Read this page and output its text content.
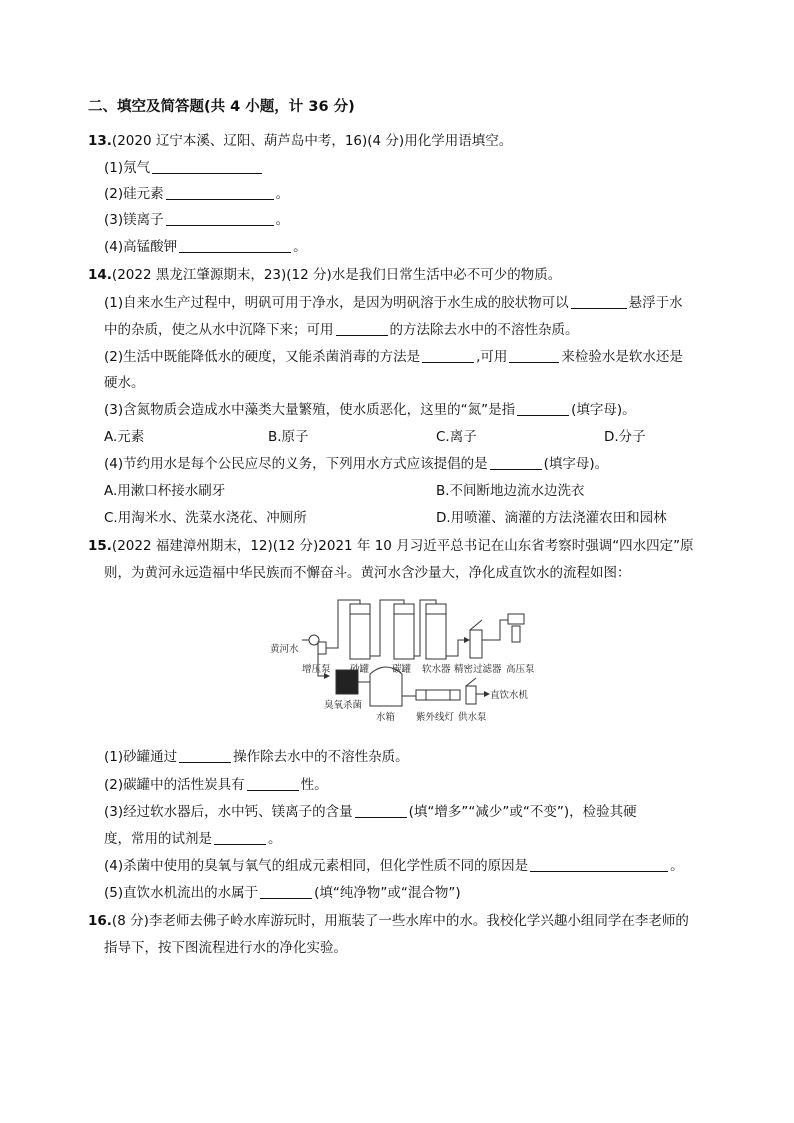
二、填空及简答题(共 4 小题，计 36 分)
13.(2020 辽宁本溪、辽阳、葫芦岛中考，16)(4 分)用化学用语填空。
(1)氖气
(2)硅元素	。
(3)镁离子	。
(4)高锰酸钾	。
14.(2022 黑龙江肇源期末，23)(12 分)水是我们日常生活中必不可少的物质。
(1)自来水生产过程中，明矾可用于净水，是因为明矾溶于水生成的胶状物可以	悬浮于水
中的杂质，使之从水中沉降下来；可用	的方法除去水中的不溶性杂质。
(2)生活中既能降低水的硬度，又能杀菌消毒的方法是	,可用	来检验水是软水还是
硬水。
(3)含氮物质会造成水中藻类大量繁殖，使水质恶化，这里的“氮”是指	(填字母)。
A.元素	B.原子	C.离子	D.分子
(4)节约用水是每个公民应尽的义务，下列用水方式应该提倡的是	(填字母)。
A.用漱口杯接水刷牙	B.不间断地边流水边洗衣
C.用淘米水、洗菜水浇花、冲厕所	D.用喷灌、滴灌的方法浇灌农田和园林
15.(2022 福建漳州期末，12)(12 分)2021 年 10 月习近平总书记在山东省考察时强调“四水四定”原
则，为黄河永远造福中华民族而不懈奋斗。黄河水含沙量大，净化成直饮水的流程如图：
黄河水
增压泵 砂罐 碳罐 软水器 精密过滤器 高压泵
臭氧杀菌
水箱 紫外线灯 供水泵
直饮水机
(1)砂罐通过	操作除去水中的不溶性杂质。
(2)碳罐中的活性炭具有	性。
(3)经过软水器后，水中钙、镁离子的含量	(填“增多”“减少”或“不变”)，检验其硬
度，常用的试剂是	。
(4)杀菌中使用的臭氧与氧气的组成元素相同，但化学性质不同的原因是	。
(5)直饮水机流出的水属于	(填“纯净物”或“混合物”)
16.(8 分)李老师去佛子岭水库游玩时，用瓶装了一些水库中的水。我校化学兴趣小组同学在李老师的
指导下，按下图流程进行水的净化实验。
